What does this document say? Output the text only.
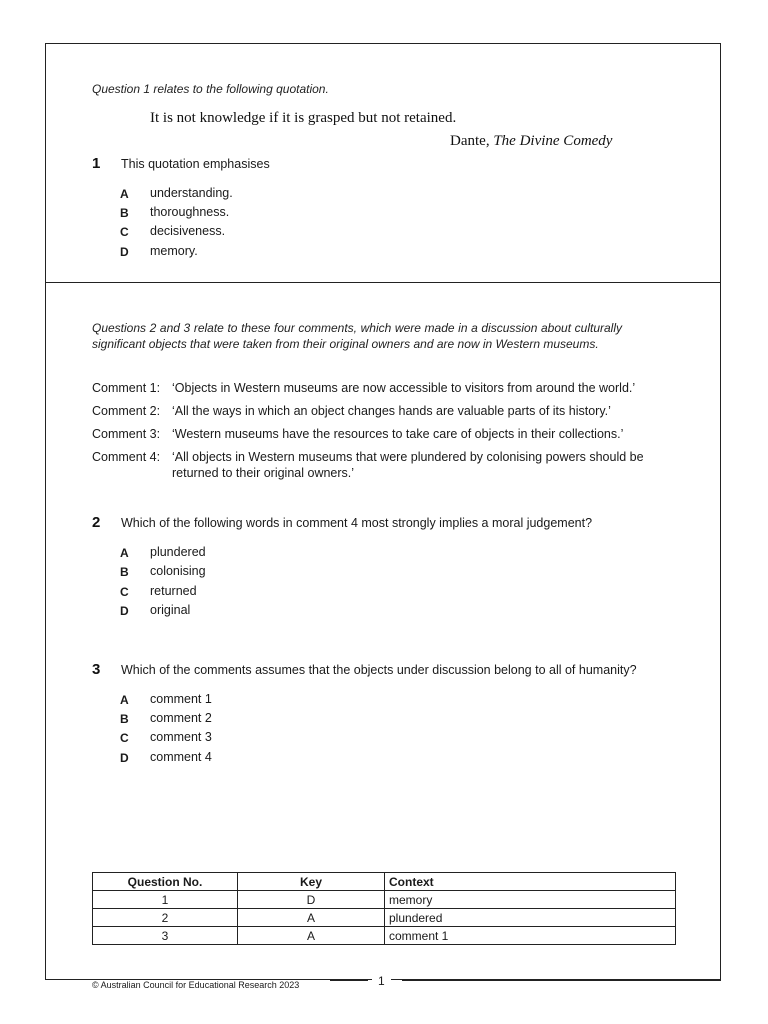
Question 1 relates to the following quotation.
It is not knowledge if it is grasped but not retained.
Dante, The Divine Comedy
1 This quotation emphasises
A understanding.
B thoroughness.
C decisiveness.
D memory.
Questions 2 and 3 relate to these four comments, which were made in a discussion about culturally significant objects that were taken from their original owners and are now in Western museums.
Comment 1: ‘Objects in Western museums are now accessible to visitors from around the world.’
Comment 2: ‘All the ways in which an object changes hands are valuable parts of its history.’
Comment 3: ‘Western museums have the resources to take care of objects in their collections.’
Comment 4: ‘All objects in Western museums that were plundered by colonising powers should be returned to their original owners.’
2 Which of the following words in comment 4 most strongly implies a moral judgement?
A plundered
B colonising
C returned
D original
3 Which of the comments assumes that the objects under discussion belong to all of humanity?
A comment 1
B comment 2
C comment 3
D comment 4
Question No.	Key	Context
1	D	memory
2	A	plundered
3	A	comment 1
© Australian Council for Educational Research 2023	1
